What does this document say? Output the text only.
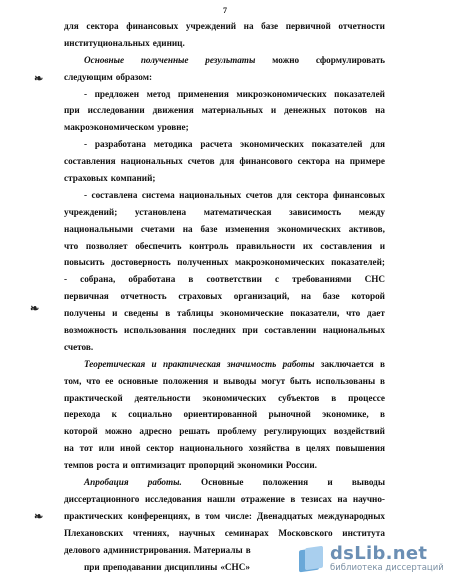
7
для сектора финансовых учреждений на базе первичной отчетности
институциональных единиц.
Основные полученные результаты можно сформулировать
следующим образом:
- предложен метод применения микроэкономических показателей
при исследовании движения материальных и денежных потоков на
макроэкономическом уровне;
- разработана методика расчета экономических показателей для
составления национальных счетов для финансового сектора на примере
страховых компаний;
- составлена система национальных счетов для сектора финансовых
учреждений; установлена математическая зависимость между
национальными счетами на базе изменения экономических активов,
что позволяет обеспечить контроль правильности их составления и
повысить достоверность полученных макроэкономических показателей;
- собрана, обработана в соответствии с требованиями СНС
первичная отчетность страховых организаций, на базе которой
получены и сведены в таблицы экономические показатели, что дает
возможность использования последних при составлении национальных
счетов.
Теоретическая и практическая значимость работы заключается в
том, что ее основные положения и выводы могут быть использованы в
практической деятельности экономических субъектов в процессе
перехода к социально ориентированной рыночной экономике, в
которой можно адресно решать проблему регулирующих воздействий
на тот или иной сектор национального хозяйства в целях повышения
темпов роста и оптимизацит пропорций экономики России.
Апробация работы. Основные положения и выводы
диссертационного исследования нашли отражение в тезисах на научно-
практических конференциях, в том числе: Двенадцатых международных
Плехановских чтениях, научных семинарах Московского института
делового администрирования. Материалы в
при преподавании дисциплины «СНС»
❧
❧
❧
dsLib.net
библиотека диссертаций
